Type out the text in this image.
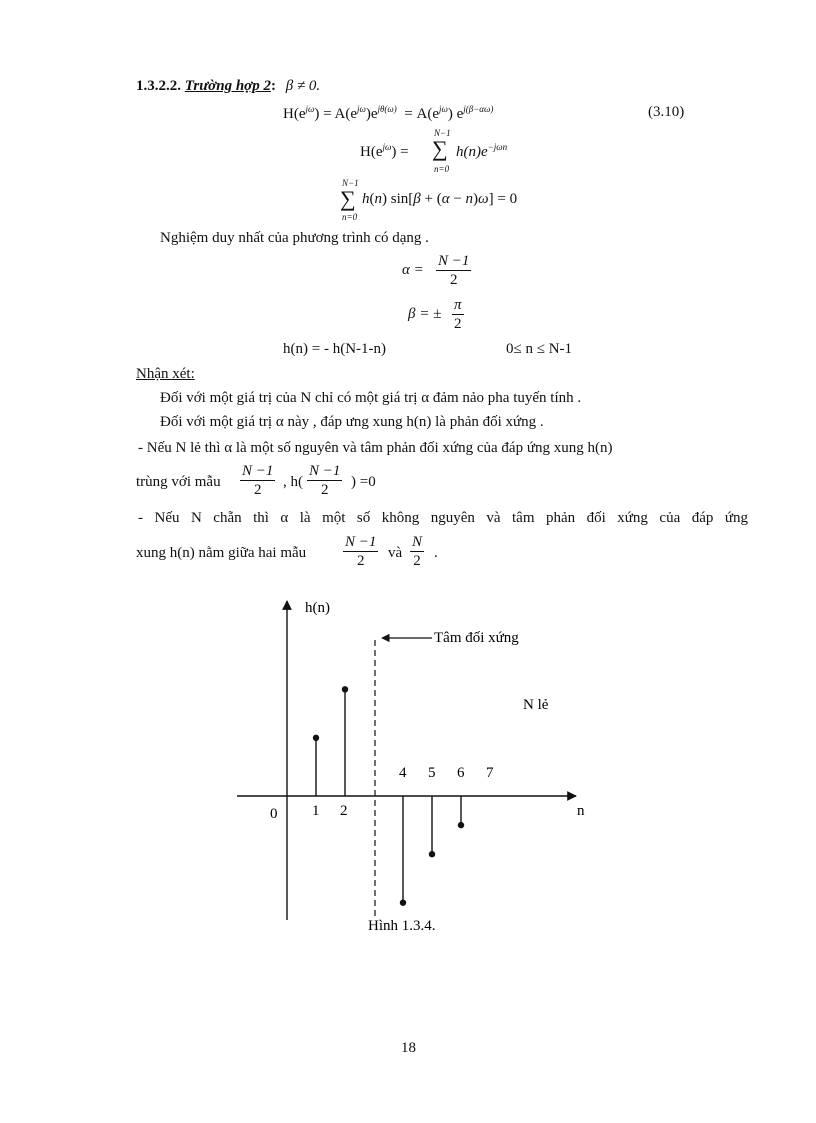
1.3.2.2. Trường hợp 2: β ≠ 0.
$H(e^{j\omega}) = A(e^{j\omega})e^{j\theta(\omega)} = A(e^{j\omega})$ $e^{j(\beta-\alpha\omega)}$	(3.10)
$H(e^{j\omega})$ =
N−1
∑
n=0
$h(n)e^{-j\omega n}$
N−1
∑
n=0
h(n) sin[β + (α − n)ω] = 0
Nghiệm duy nhất của phương trình có dạng .
$\alpha = \frac{N -1}{2}$
β = ± $\frac{\pi}{2}$
h(n) = - h(N-1-n)	0≤ n ≤ N-1
Nhận xét:
Đối với một giá trị của N chỉ có một giá trị α đảm nảo pha tuyến tính .
Đối với một giá trị α này , đáp ưng xung h(n) là phản đối xứng .
- Nếu N lẻ thì α là một số nguyên và tâm phản đối xứng của đáp ứng xung h(n)
trùng với mẫu $\frac{N -1}{2}$ , $h( \frac{N -1}{2}$ ) =0
- Nếu N chẵn thì α là một số không nguyên và tâm phản đối xứng của đáp ứng
xung h(n) nằm giữa hai mẫu $\frac{N -1}{2}$ và $\frac{N}{2}$ .
h(n)
Tâm đối xứng
N lẻ
0	n
1 2
4 5 6 7
Hình 1.3.4.
18
